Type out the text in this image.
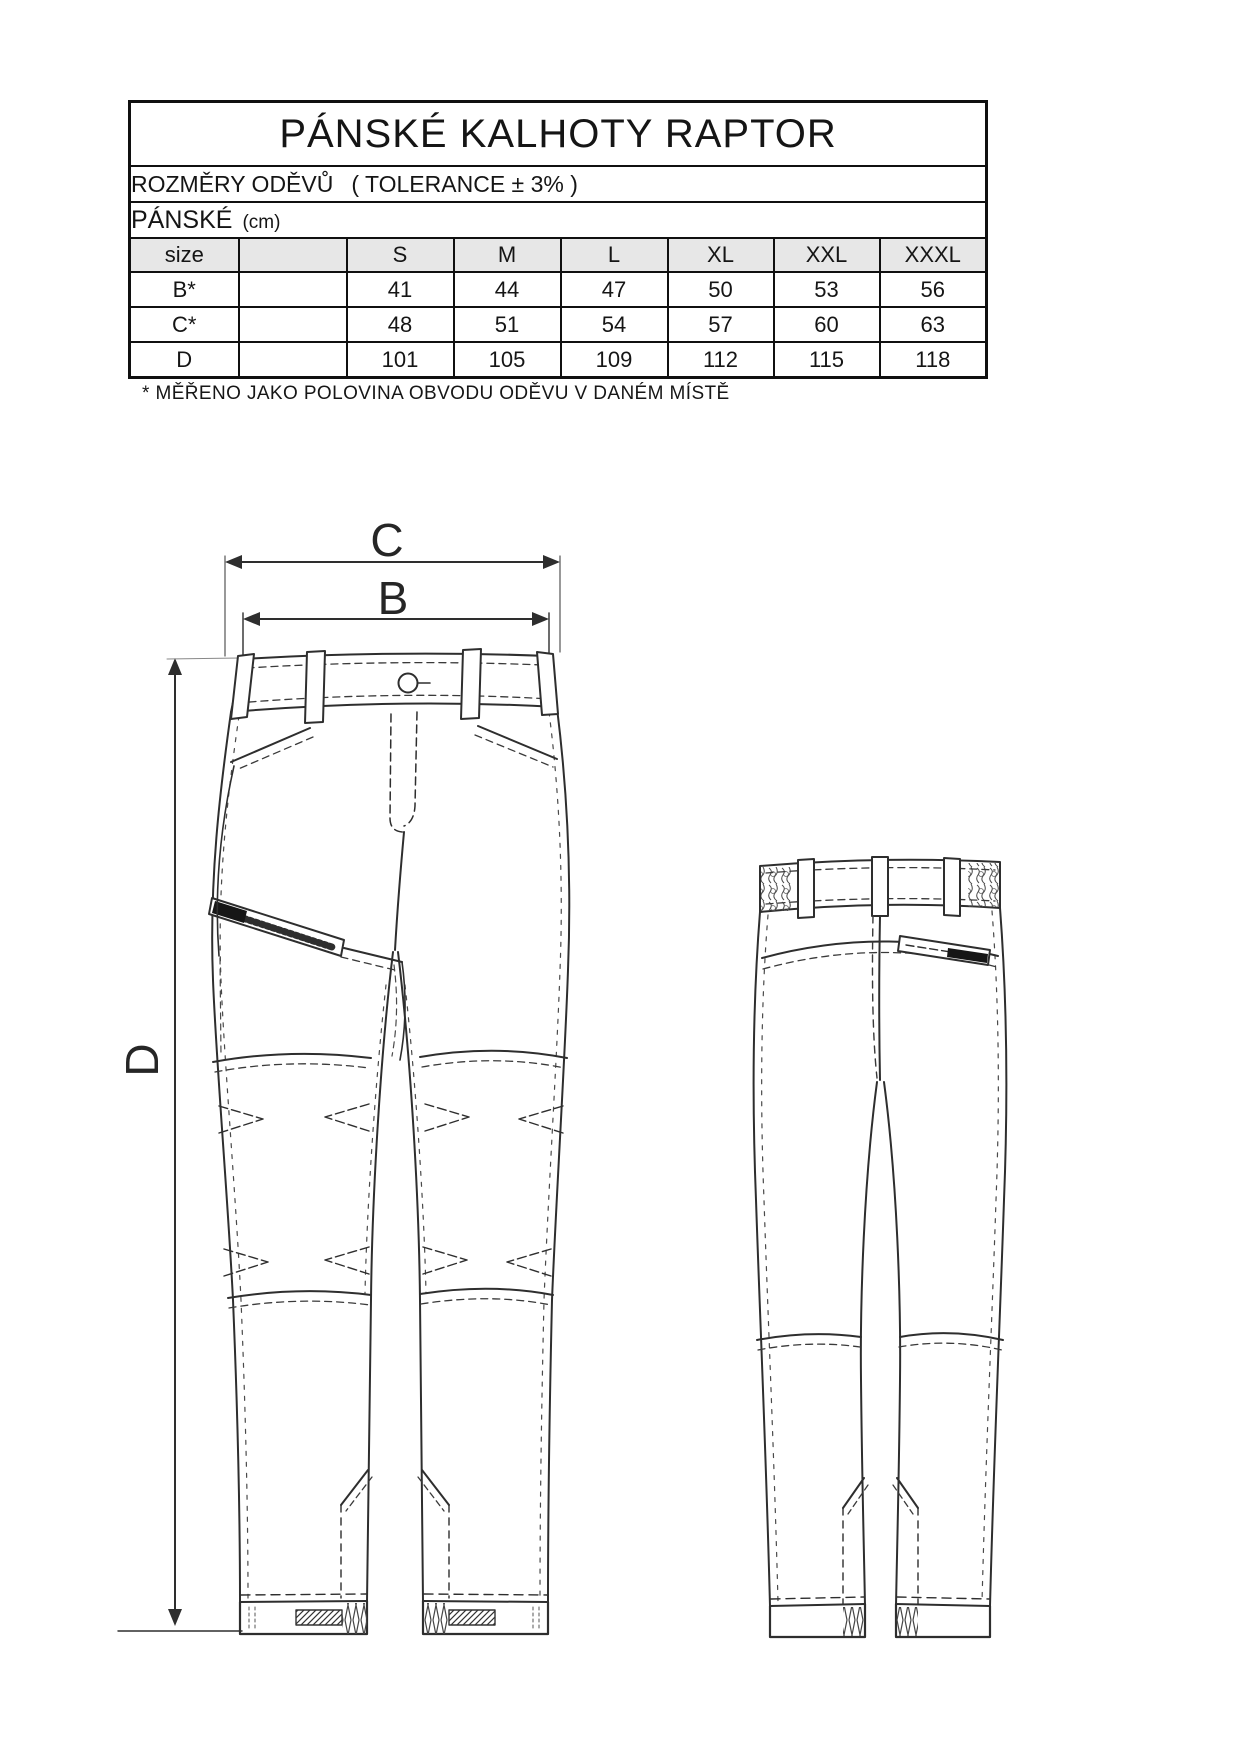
PÁNSKÉ KALHOTY RAPTOR							
ROZMĚRY ODĚVŮ ( TOLERANCE ± 3% )							
PÁNSKÉ (cm)							
size		S	M	L	XL	XXL	XXXL
B*		41	44	47	50	53	56
C*		48	51	54	57	60	63
D		101	105	109	112	115	118
* MĚŘENO JAKO POLOVINA OBVODU ODĚVU V DANÉM MÍSTĚ
C
B
D
